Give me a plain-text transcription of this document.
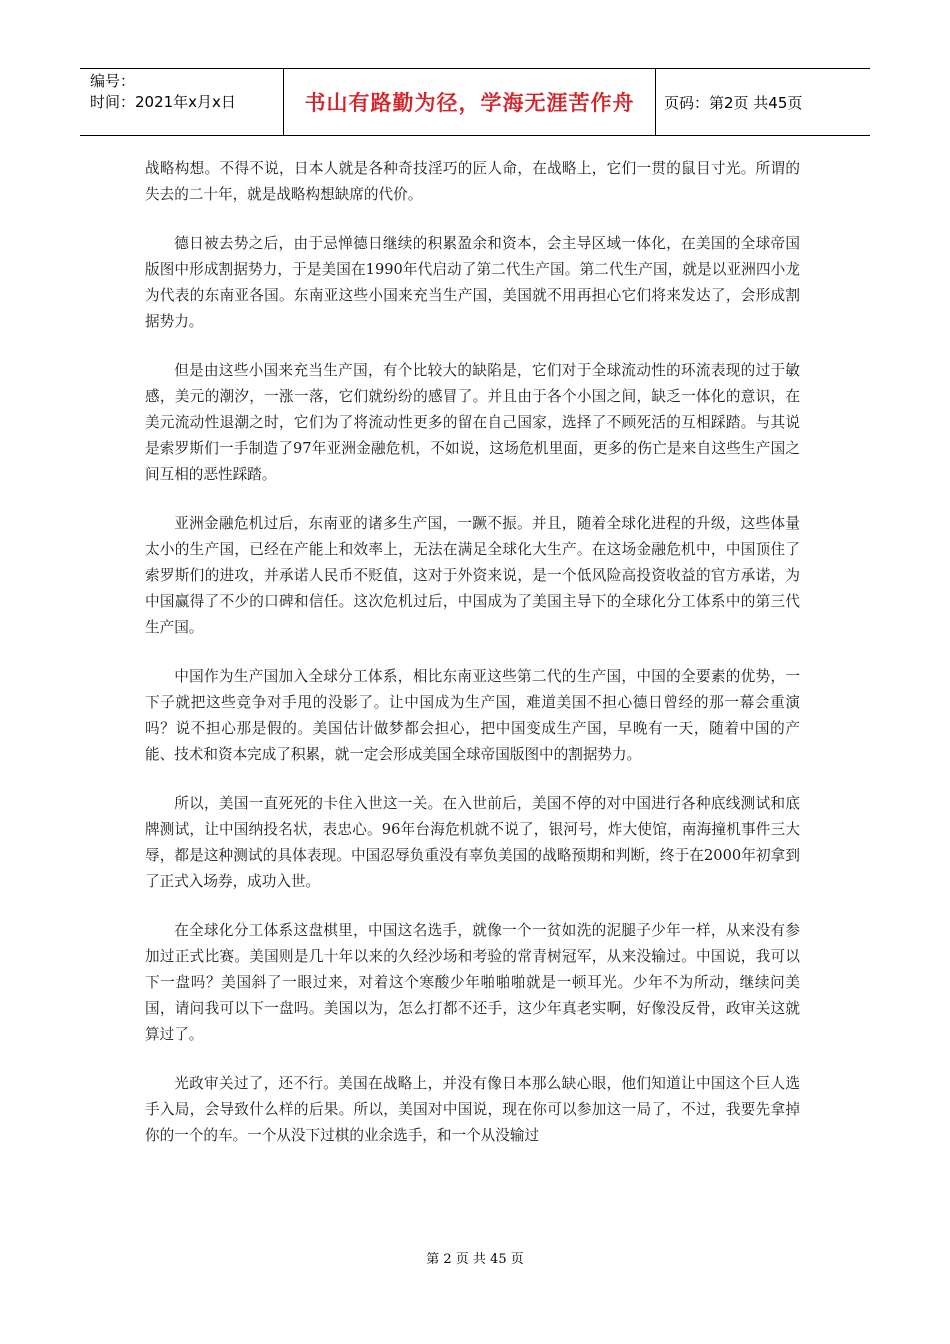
编号：
时间：2021年x月x日	书山有路勤为径，学海无涯苦作舟	页码：第2页 共45页

战略构想。不得不说，日本人就是各种奇技淫巧的匠人命，在战略上，它们一贯的鼠目寸光。所谓的失去的二十年，就是战略构想缺席的代价。

德日被去势之后，由于忌惮德日继续的积累盈余和资本，会主导区域一体化，在美国的全球帝国版图中形成割据势力，于是美国在1990年代启动了第二代生产国。第二代生产国，就是以亚洲四小龙为代表的东南亚各国。东南亚这些小国来充当生产国，美国就不用再担心它们将来发达了，会形成割据势力。

但是由这些小国来充当生产国，有个比较大的缺陷是，它们对于全球流动性的环流表现的过于敏感，美元的潮汐，一涨一落，它们就纷纷的感冒了。并且由于各个小国之间，缺乏一体化的意识，在美元流动性退潮之时，它们为了将流动性更多的留在自己国家，选择了不顾死活的互相踩踏。与其说是索罗斯们一手制造了97年亚洲金融危机，不如说，这场危机里面，更多的伤亡是来自这些生产国之间互相的恶性踩踏。

亚洲金融危机过后，东南亚的诸多生产国，一蹶不振。并且，随着全球化进程的升级，这些体量太小的生产国，已经在产能上和效率上，无法在满足全球化大生产。在这场金融危机中，中国顶住了索罗斯们的进攻，并承诺人民币不贬值，这对于外资来说，是一个低风险高投资收益的官方承诺，为中国赢得了不少的口碑和信任。这次危机过后，中国成为了美国主导下的全球化分工体系中的第三代生产国。

中国作为生产国加入全球分工体系，相比东南亚这些第二代的生产国，中国的全要素的优势，一下子就把这些竞争对手甩的没影了。让中国成为生产国，难道美国不担心德日曾经的那一幕会重演吗？说不担心那是假的。美国估计做梦都会担心，把中国变成生产国，早晚有一天，随着中国的产能、技术和资本完成了积累，就一定会形成美国全球帝国版图中的割据势力。

所以，美国一直死死的卡住入世这一关。在入世前后，美国不停的对中国进行各种底线测试和底牌测试，让中国纳投名状，表忠心。96年台海危机就不说了，银河号，炸大使馆，南海撞机事件三大辱，都是这种测试的具体表现。中国忍辱负重没有辜负美国的战略预期和判断，终于在2000年初拿到了正式入场券，成功入世。

在全球化分工体系这盘棋里，中国这名选手，就像一个一贫如洗的泥腿子少年一样，从来没有参加过正式比赛。美国则是几十年以来的久经沙场和考验的常青树冠军，从来没输过。中国说，我可以下一盘吗？美国斜了一眼过来，对着这个寒酸少年啪啪啪就是一顿耳光。少年不为所动，继续问美国，请问我可以下一盘吗。美国以为，怎么打都不还手，这少年真老实啊，好像没反骨，政审关这就算过了。

光政审关过了，还不行。美国在战略上，并没有像日本那么缺心眼，他们知道让中国这个巨人选手入局，会导致什么样的后果。所以，美国对中国说，现在你可以参加这一局了，不过，我要先拿掉你的一个的车。一个从没下过棋的业余选手，和一个从没输过

第 2 页 共 45 页
